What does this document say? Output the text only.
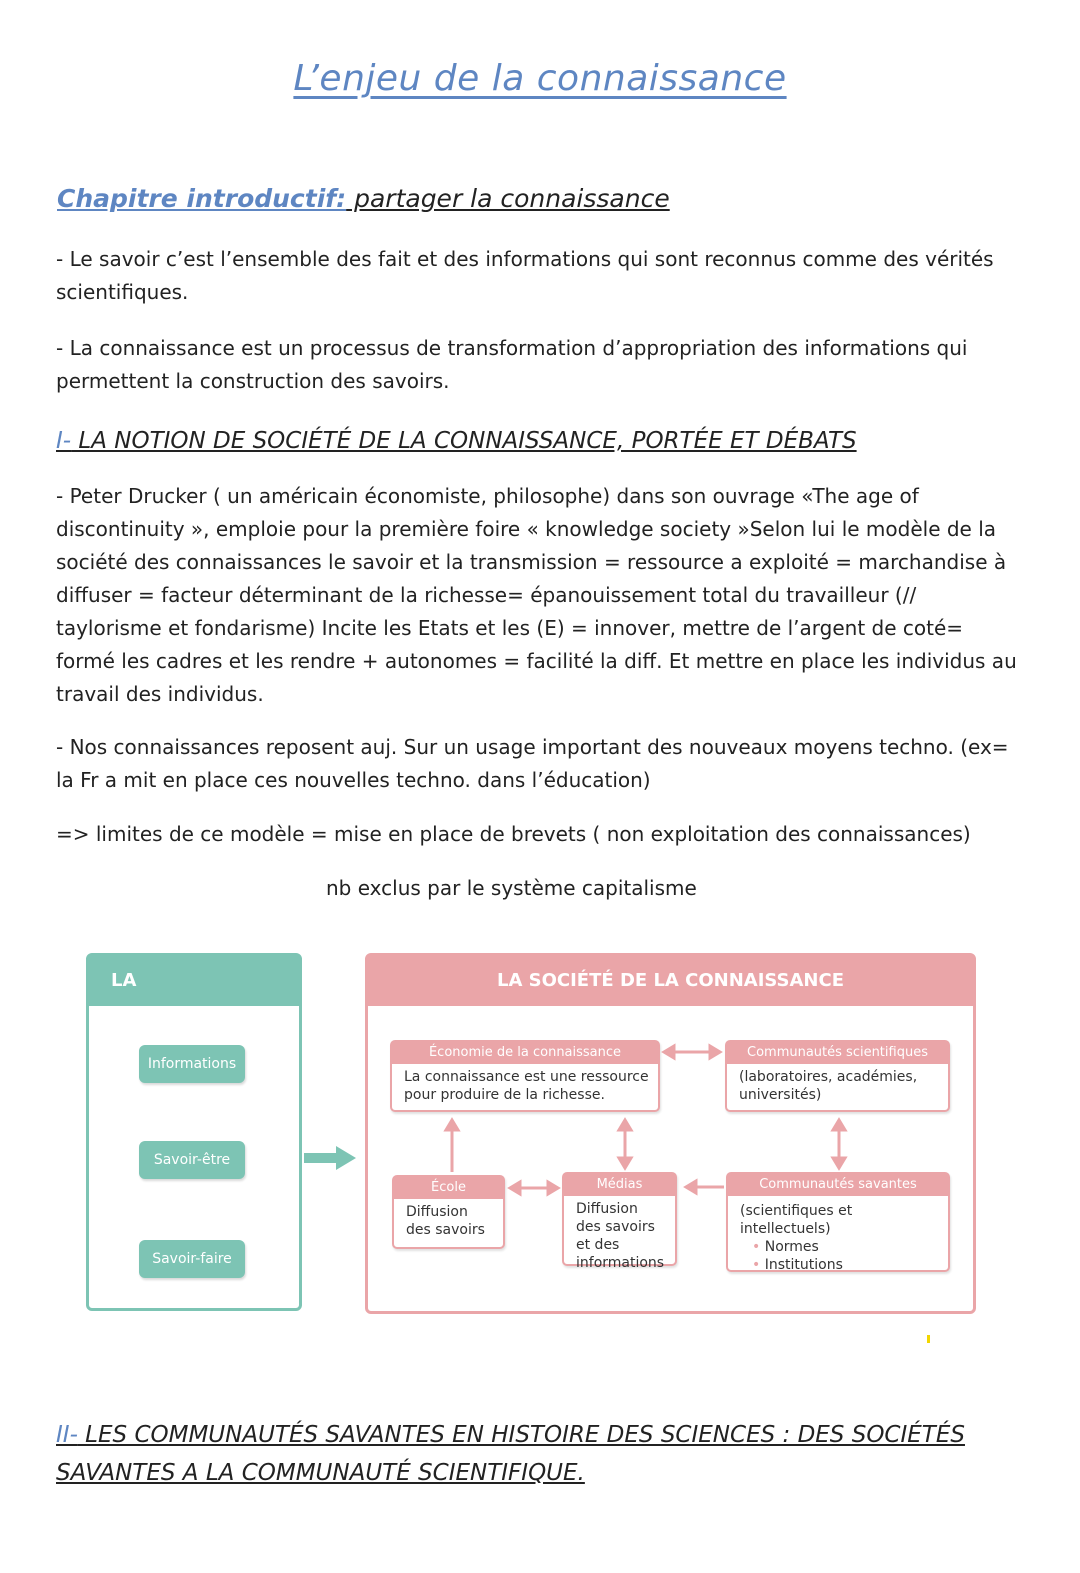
L’enjeu de la connaissance
Chapitre introductif: partager la connaissance
- Le savoir c’est l’ensemble des fait et des informations qui sont reconnus comme des vérités scientifiques.
- La connaissance est un processus de transformation d’appropriation des informations qui permettent la construction des savoirs.
I- LA NOTION DE SOCIÉTÉ DE LA CONNAISSANCE, PORTÉE ET DÉBATS
- Peter Drucker ( un américain économiste, philosophe) dans son ouvrage «The age of discontinuity », emploie pour la première foire « knowledge society »Selon lui le modèle de la société des connaissances le savoir et la transmission = ressource a exploité = marchandise à diffuser = facteur déterminant de la richesse= épanouissement total du travailleur (// taylorisme et fondarisme) Incite les Etats et les (E) = innover, mettre de l’argent de coté= formé les cadres et les rendre + autonomes = facilité la diff. Et mettre en place les individus au travail des individus.
- Nos connaissances reposent auj. Sur un usage important des nouveaux moyens techno. (ex= la Fr a mit en place ces nouvelles techno. dans l’éducation)
=> limites de ce modèle = mise en place de brevets ( non exploitation des connaissances)
nb exclus par le système capitalisme
LA CONNAISSANCE
Informations
Savoir-être
Savoir-faire
LA SOCIÉTÉ DE LA CONNAISSANCE
Économie de la connaissance
La connaissance est une ressource pour produire de la richesse.
Communautés scientifiques
(laboratoires, académies, universités)
École
Diffusion des savoirs
Médias
Diffusion des savoirs et des informations
Communautés savantes
(scientifiques et intellectuels)
• Normes
• Institutions
II- LES COMMUNAUTÉS SAVANTES EN HISTOIRE DES SCIENCES : DES SOCIÉTÉS SAVANTES A LA COMMUNAUTÉ SCIENTIFIQUE.
